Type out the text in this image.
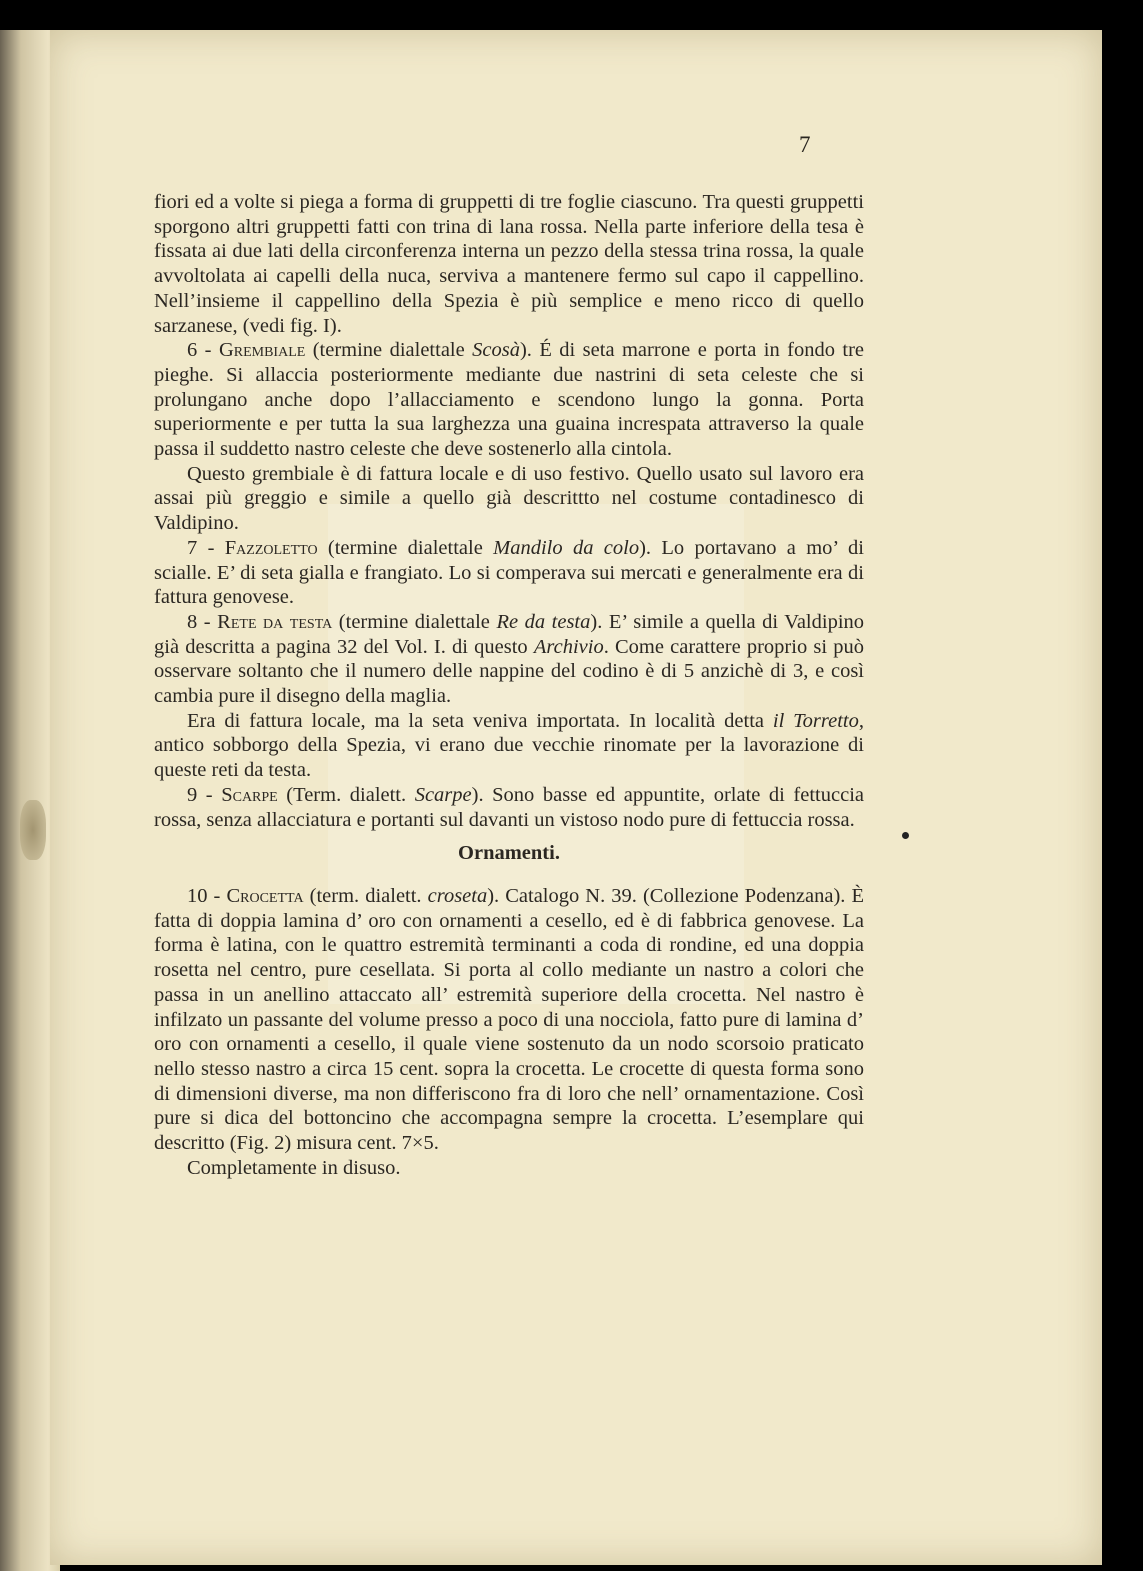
7

fiori ed a volte si piega a forma di gruppetti di tre foglie ciascuno. Tra questi gruppetti sporgono altri gruppetti fatti con trina di lana rossa. Nella parte inferiore della tesa è fissata ai due lati della circonferenza interna un pezzo della stessa trina rossa, la quale avvoltolata ai capelli della nuca, serviva a mantenere fermo sul capo il cappellino. Nell’insieme il cappellino della Spezia è più semplice e meno ricco di quello sarzanese, (vedi fig. I).

6 - Grembiale (termine dialettale Scosà). É di seta marrone e porta in fondo tre pieghe. Si allaccia posteriormente mediante due nastrini di seta celeste che si prolungano anche dopo l’allacciamento e scendono lungo la gonna. Porta superiormente e per tutta la sua larghezza una guaina increspata attraverso la quale passa il suddetto nastro celeste che deve sostenerlo alla cintola.

Questo grembiale è di fattura locale e di uso festivo. Quello usato sul lavoro era assai più greggio e simile a quello già descrittto nel costume contadinesco di Valdipino.

7 - Fazzoletto (termine dialettale Mandilo da colo). Lo portavano a mo’ di scialle. E’ di seta gialla e frangiato. Lo si comperava sui mercati e generalmente era di fattura genovese.

8 - Rete da testa (termine dialettale Re da testa). E’ simile a quella di Valdipino già descritta a pagina 32 del Vol. I. di questo Archivio. Come carattere proprio si può osservare soltanto che il numero delle nappine del codino è di 5 anzichè di 3, e così cambia pure il disegno della maglia.

Era di fattura locale, ma la seta veniva importata. In località detta il Torretto, antico sobborgo della Spezia, vi erano due vecchie rinomate per la lavorazione di queste reti da testa.

9 - Scarpe (Term. dialett. Scarpe). Sono basse ed appuntite, orlate di fettuccia rossa, senza allacciatura e portanti sul davanti un vistoso nodo pure di fettuccia rossa.

Ornamenti.

10 - Crocetta (term. dialett. croseta). Catalogo N. 39. (Collezione Podenzana). È fatta di doppia lamina d’ oro con ornamenti a cesello, ed è di fabbrica genovese. La forma è latina, con le quattro estremità terminanti a coda di rondine, ed una doppia rosetta nel centro, pure cesellata. Si porta al collo mediante un nastro a colori che passa in un anellino attaccato all’ estremità superiore della crocetta. Nel nastro è infilzato un passante del volume presso a poco di una nocciola, fatto pure di lamina d’ oro con ornamenti a cesello, il quale viene sostenuto da un nodo scorsoio praticato nello stesso nastro a circa 15 cent. sopra la crocetta. Le crocette di questa forma sono di dimensioni diverse, ma non differiscono fra di loro che nell’ ornamentazione. Così pure si dica del bottoncino che accompagna sempre la crocetta. L’esemplare qui descritto (Fig. 2) misura cent. 7×5.

Completamente in disuso.
